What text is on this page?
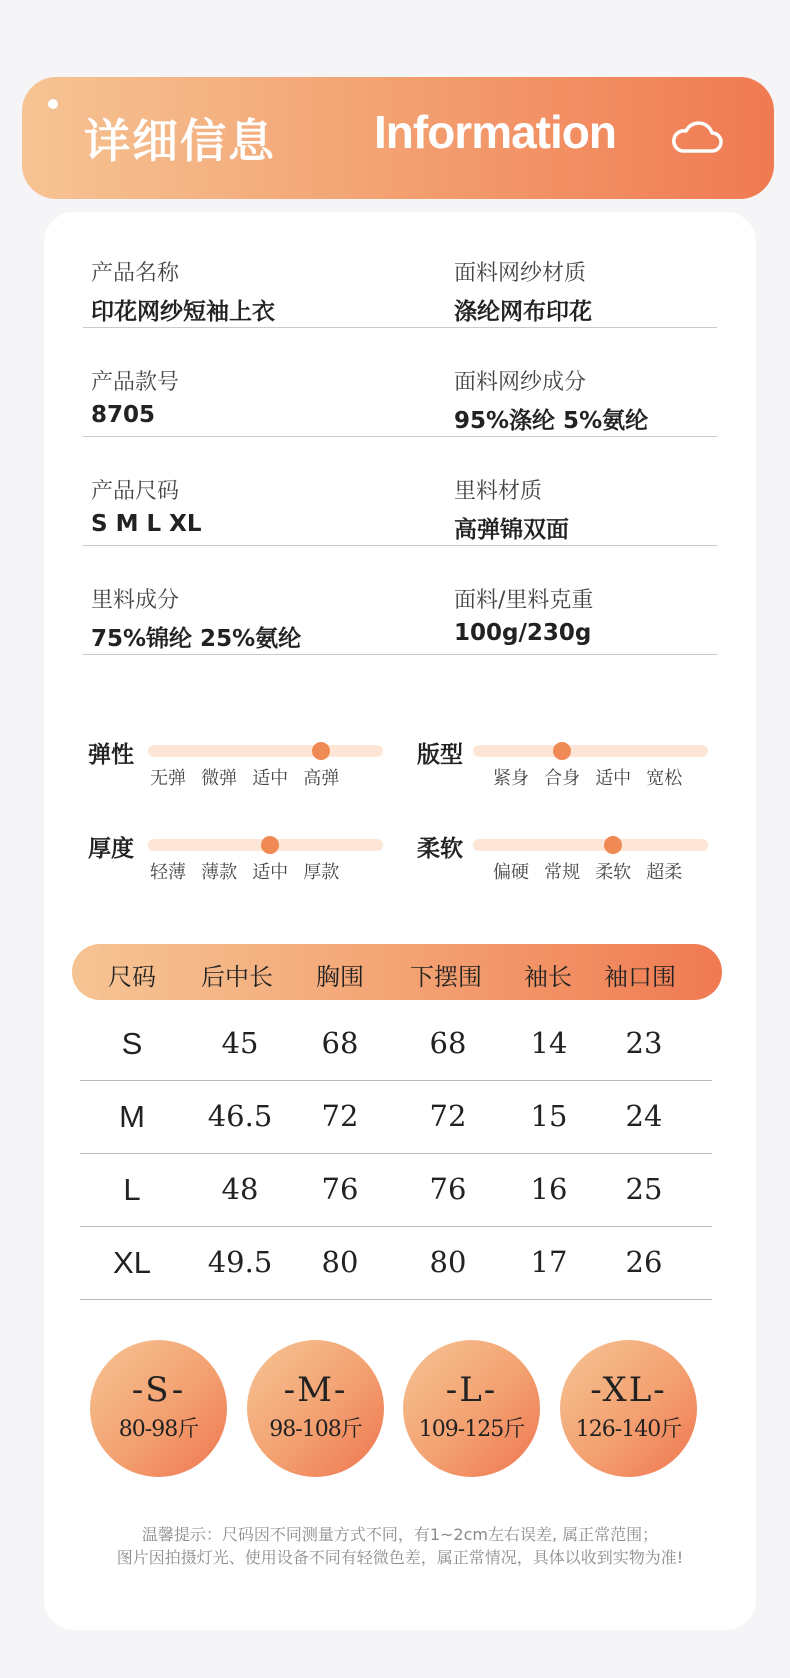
详细信息 Information
产品名称
印花网纱短袖上衣
面料网纱材质
涤纶网布印花
产品款号
8705
面料网纱成分
95%涤纶 5%氨纶
产品尺码
S M L XL
里料材质
高弹锦双面
里料成分
75%锦纶 25%氨纶
面料/里料克重
100g/230g
弹性
无弹 微弹 适中 高弹
版型
紧身 合身 适中 宽松
厚度
轻薄 薄款 适中 厚款
柔软
偏硬 常规 柔软 超柔
尺码 后中长 胸围 下摆围 袖长 袖口围
S	45 68 68 14 23
M 46.5 72 72 15 24
L	48 76 76 16 25
XL 49.5 80 80 17 26
-S-
80-98斤
-M-
98-108斤
-L-
109-125斤
-XL-
126-140斤
温馨提示：尺码因不同测量方式不同，有1~2cm左右误差, 属正常范围；
图片因拍摄灯光、使用设备不同有轻微色差，属正常情况，具体以收到实物为准!
